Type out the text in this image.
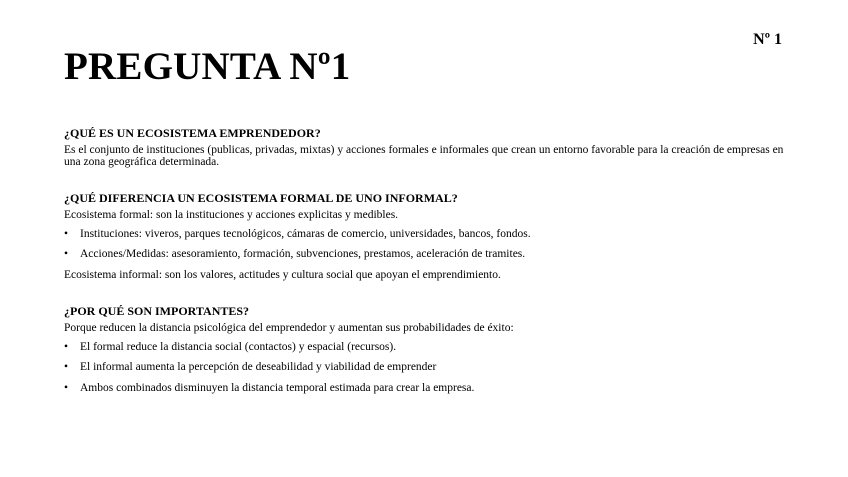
Nº 1
PREGUNTA Nº1
¿QUÉ ES UN ECOSISTEMA EMPRENDEDOR?

Es el conjunto de instituciones (publicas, privadas, mixtas) y acciones formales e informales que crean un entorno favorable para la creación de empresas en una zona geográfica determinada.

¿QUÉ DIFERENCIA UN ECOSISTEMA FORMAL DE UNO INFORMAL?

Ecosistema formal: son la instituciones y acciones explicitas y medibles.

• Instituciones: viveros, parques tecnológicos, cámaras de comercio, universidades, bancos, fondos.
• Acciones/Medidas: asesoramiento, formación, subvenciones, prestamos, aceleración de tramites.

Ecosistema informal: son los valores, actitudes y cultura social que apoyan el emprendimiento.

¿POR QUÉ SON IMPORTANTES?

Porque reducen la distancia psicológica del emprendedor y aumentan sus probabilidades de éxito:

• El formal reduce la distancia social (contactos) y espacial (recursos).
• El informal aumenta la percepción de deseabilidad y viabilidad de emprender
• Ambos combinados disminuyen la distancia temporal estimada para crear la empresa.
